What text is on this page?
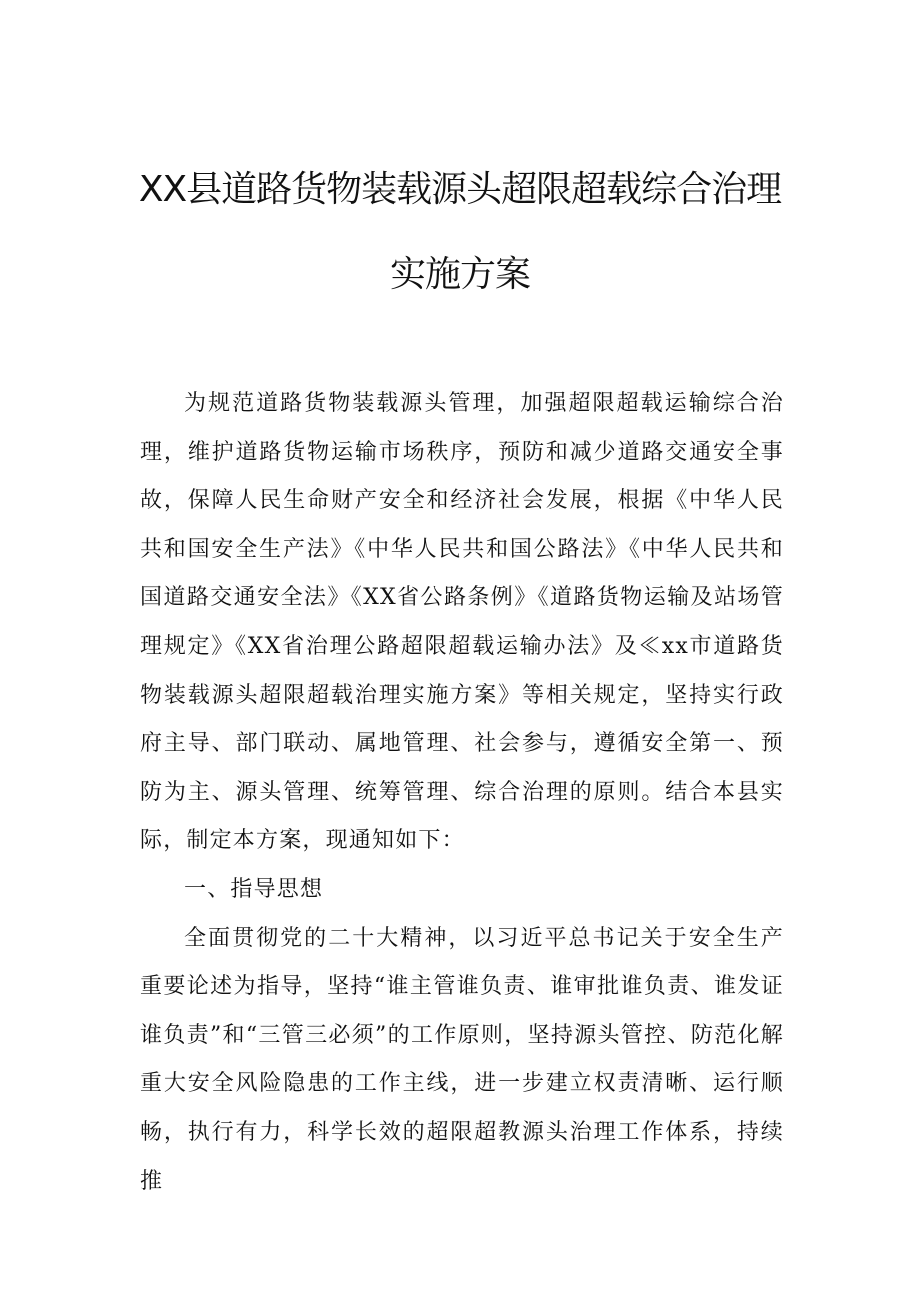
XX县道路货物装载源头超限超载综合治理
实施方案

为规范道路货物装载源头管理，加强超限超载运输综合治理，维护道路货物运输市场秩序，预防和减少道路交通安全事故，保障人民生命财产安全和经济社会发展，根据《中华人民共和国安全生产法》《中华人民共和国公路法》《中华人民共和国道路交通安全法》《XX省公路条例》《道路货物运输及站场管理规定》《XX省治理公路超限超载运输办法》及≪xx市道路货物装载源头超限超载治理实施方案》等相关规定，坚持实行政府主导、部门联动、属地管理、社会参与，遵循安全第一、预防为主、源头管理、统筹管理、综合治理的原则。结合本县实际，制定本方案，现通知如下：

一、指导思想

全面贯彻党的二十大精神，以习近平总书记关于安全生产重要论述为指导，坚持“谁主管谁负责、谁审批谁负责、谁发证谁负责”和“三管三必须”的工作原则，坚持源头管控、防范化解重大安全风险隐患的工作主线，进一步建立权责清晰、运行顺畅，执行有力，科学长效的超限超教源头治理工作体系，持续推
